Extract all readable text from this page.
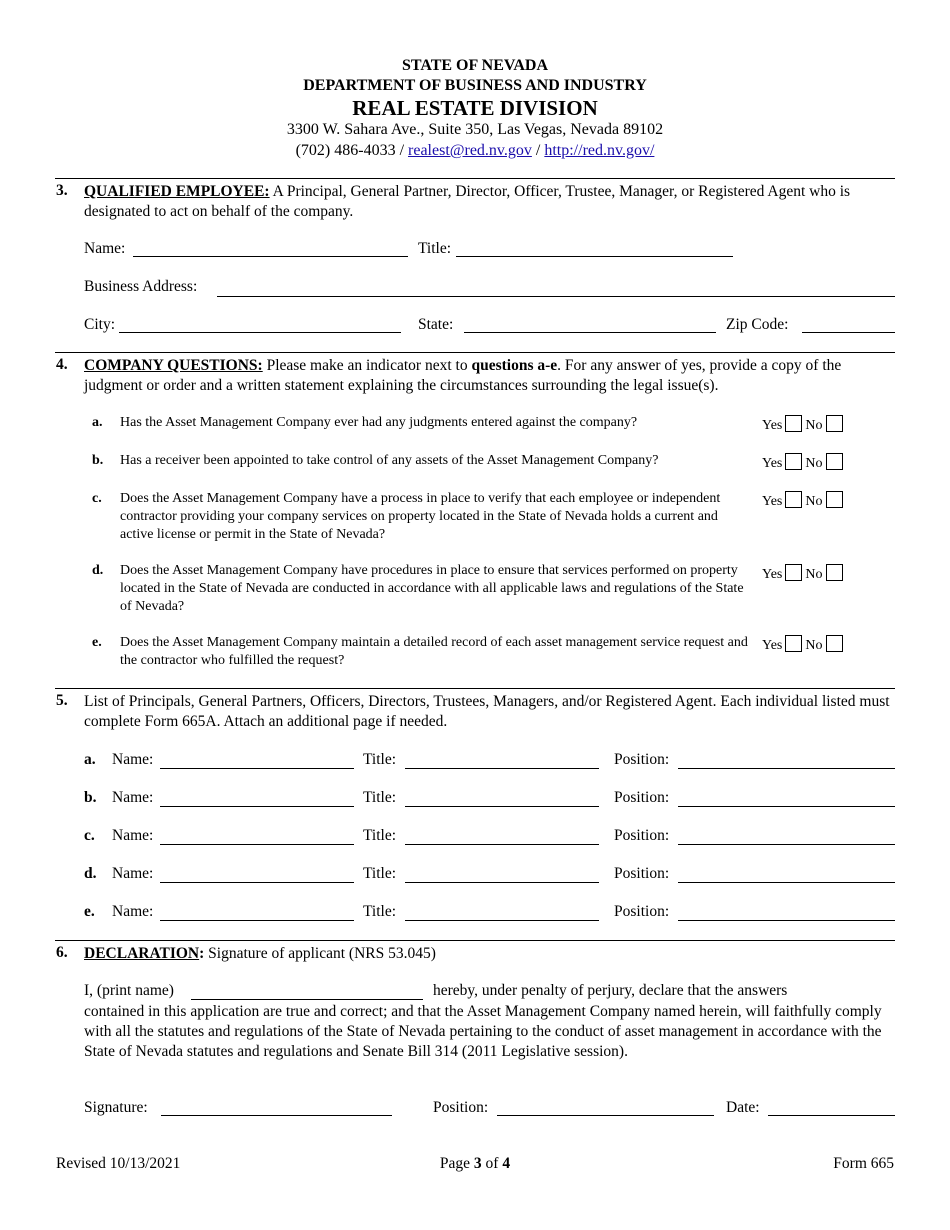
STATE OF NEVADA
DEPARTMENT OF BUSINESS AND INDUSTRY
REAL ESTATE DIVISION
3300 W. Sahara Ave., Suite 350, Las Vegas, Nevada 89102
(702) 486-4033 / realest@red.nv.gov / http://red.nv.gov/
3. QUALIFIED EMPLOYEE: A Principal, General Partner, Director, Officer, Trustee, Manager, or Registered Agent who is designated to act on behalf of the company.
Name:	Title:
Business Address:
City:	State:	Zip Code:
4. COMPANY QUESTIONS: Please make an indicator next to questions a-e. For any answer of yes, provide a copy of the judgment or order and a written statement explaining the circumstances surrounding the legal issue(s).
a. Has the Asset Management Company ever had any judgments entered against the company?	Yes No
b. Has a receiver been appointed to take control of any assets of the Asset Management Company?	Yes No
c. Does the Asset Management Company have a process in place to verify that each employee or independent contractor providing your company services on property located in the State of Nevada holds a current and active license or permit in the State of Nevada?
Yes No
d. Does the Asset Management Company have procedures in place to ensure that services performed on property located in the State of Nevada are conducted in accordance with all applicable laws and regulations of the State of Nevada?
Yes No
e. Does the Asset Management Company maintain a detailed record of each asset management service request and the contractor who fulfilled the request?
Yes No
5. List of Principals, General Partners, Officers, Directors, Trustees, Managers, and/or Registered Agent. Each individual listed must complete Form 665A. Attach an additional page if needed.
a. Name:	Title:	Position:
b. Name:	Title:	Position:
c. Name:	Title:	Position:
d. Name:	Title:	Position:
e. Name:	Title:	Position:
6. DECLARATION: Signature of applicant (NRS 53.045)
I, (print name)	hereby, under penalty of perjury, declare that the answers
contained in this application are true and correct; and that the Asset Management Company named herein, will faithfully comply with all the statutes and regulations of the State of Nevada pertaining to the conduct of asset management in accordance with the State of Nevada statutes and regulations and Senate Bill 314 (2011 Legislative session).
Signature:	Position:	Date:
Revised 10/13/2021	Page 3 of 4	Form 665
